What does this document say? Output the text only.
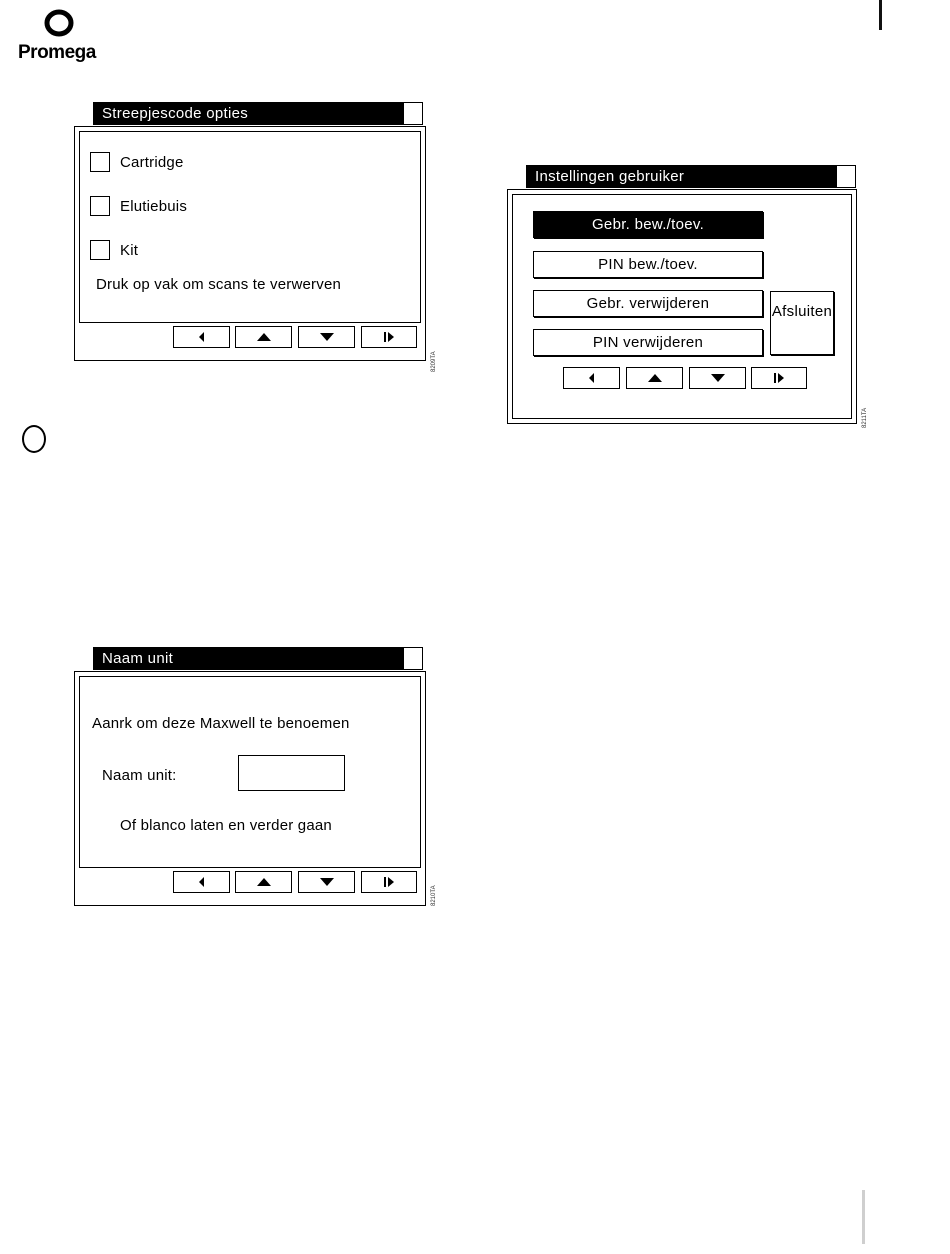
Promega
Streepjescode opties
Cartridge
Elutiebuis
Kit
Druk op vak om scans te verwerven
8209TA
Instellingen gebruiker
Gebr. bew./toev.
PIN bew./toev.
Gebr. verwijderen
PIN verwijderen
Afsluiten
8211TA
Naam unit
Aanrk om deze Maxwell te benoemen
Naam unit:
Of blanco laten en verder gaan
8210TA
